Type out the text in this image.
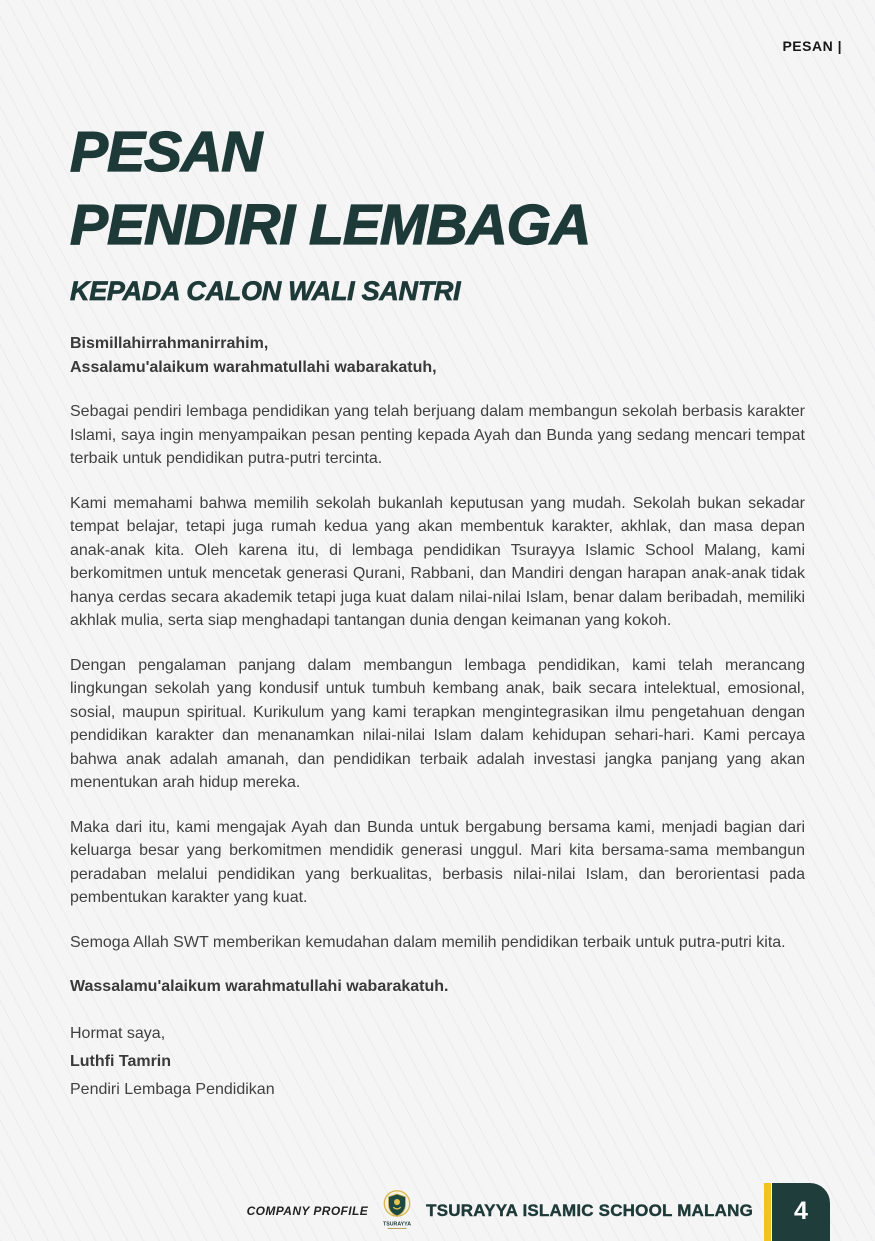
PESAN |
PESAN
PENDIRI LEMBAGA
KEPADA CALON WALI SANTRI
Bismillahirrahmanirrahim,
Assalamu'alaikum warahmatullahi wabarakatuh,

Sebagai pendiri lembaga pendidikan yang telah berjuang dalam membangun sekolah berbasis karakter Islami, saya ingin menyampaikan pesan penting kepada Ayah dan Bunda yang sedang mencari tempat terbaik untuk pendidikan putra-putri tercinta.

Kami memahami bahwa memilih sekolah bukanlah keputusan yang mudah. Sekolah bukan sekadar tempat belajar, tetapi juga rumah kedua yang akan membentuk karakter, akhlak, dan masa depan anak-anak kita. Oleh karena itu, di lembaga pendidikan Tsurayya Islamic School Malang, kami berkomitmen untuk mencetak generasi Qurani, Rabbani, dan Mandiri dengan harapan anak-anak tidak hanya cerdas secara akademik tetapi juga kuat dalam nilai-nilai Islam, benar dalam beribadah, memiliki akhlak mulia, serta siap menghadapi tantangan dunia dengan keimanan yang kokoh.

Dengan pengalaman panjang dalam membangun lembaga pendidikan, kami telah merancang lingkungan sekolah yang kondusif untuk tumbuh kembang anak, baik secara intelektual, emosional, sosial, maupun spiritual. Kurikulum yang kami terapkan mengintegrasikan ilmu pengetahuan dengan pendidikan karakter dan menanamkan nilai-nilai Islam dalam kehidupan sehari-hari. Kami percaya bahwa anak adalah amanah, dan pendidikan terbaik adalah investasi jangka panjang yang akan menentukan arah hidup mereka.

Maka dari itu, kami mengajak Ayah dan Bunda untuk bergabung bersama kami, menjadi bagian dari keluarga besar yang berkomitmen mendidik generasi unggul. Mari kita bersama-sama membangun peradaban melalui pendidikan yang berkualitas, berbasis nilai-nilai Islam, dan berorientasi pada pembentukan karakter yang kuat.

Semoga Allah SWT memberikan kemudahan dalam memilih pendidikan terbaik untuk putra-putri kita.

Wassalamu'alaikum warahmatullahi wabarakatuh.

Hormat saya,
Luthfi Tamrin
Pendiri Lembaga Pendidikan
COMPANY PROFILE
TSURAYYA
TSURAYYA ISLAMIC SCHOOL MALANG 4
